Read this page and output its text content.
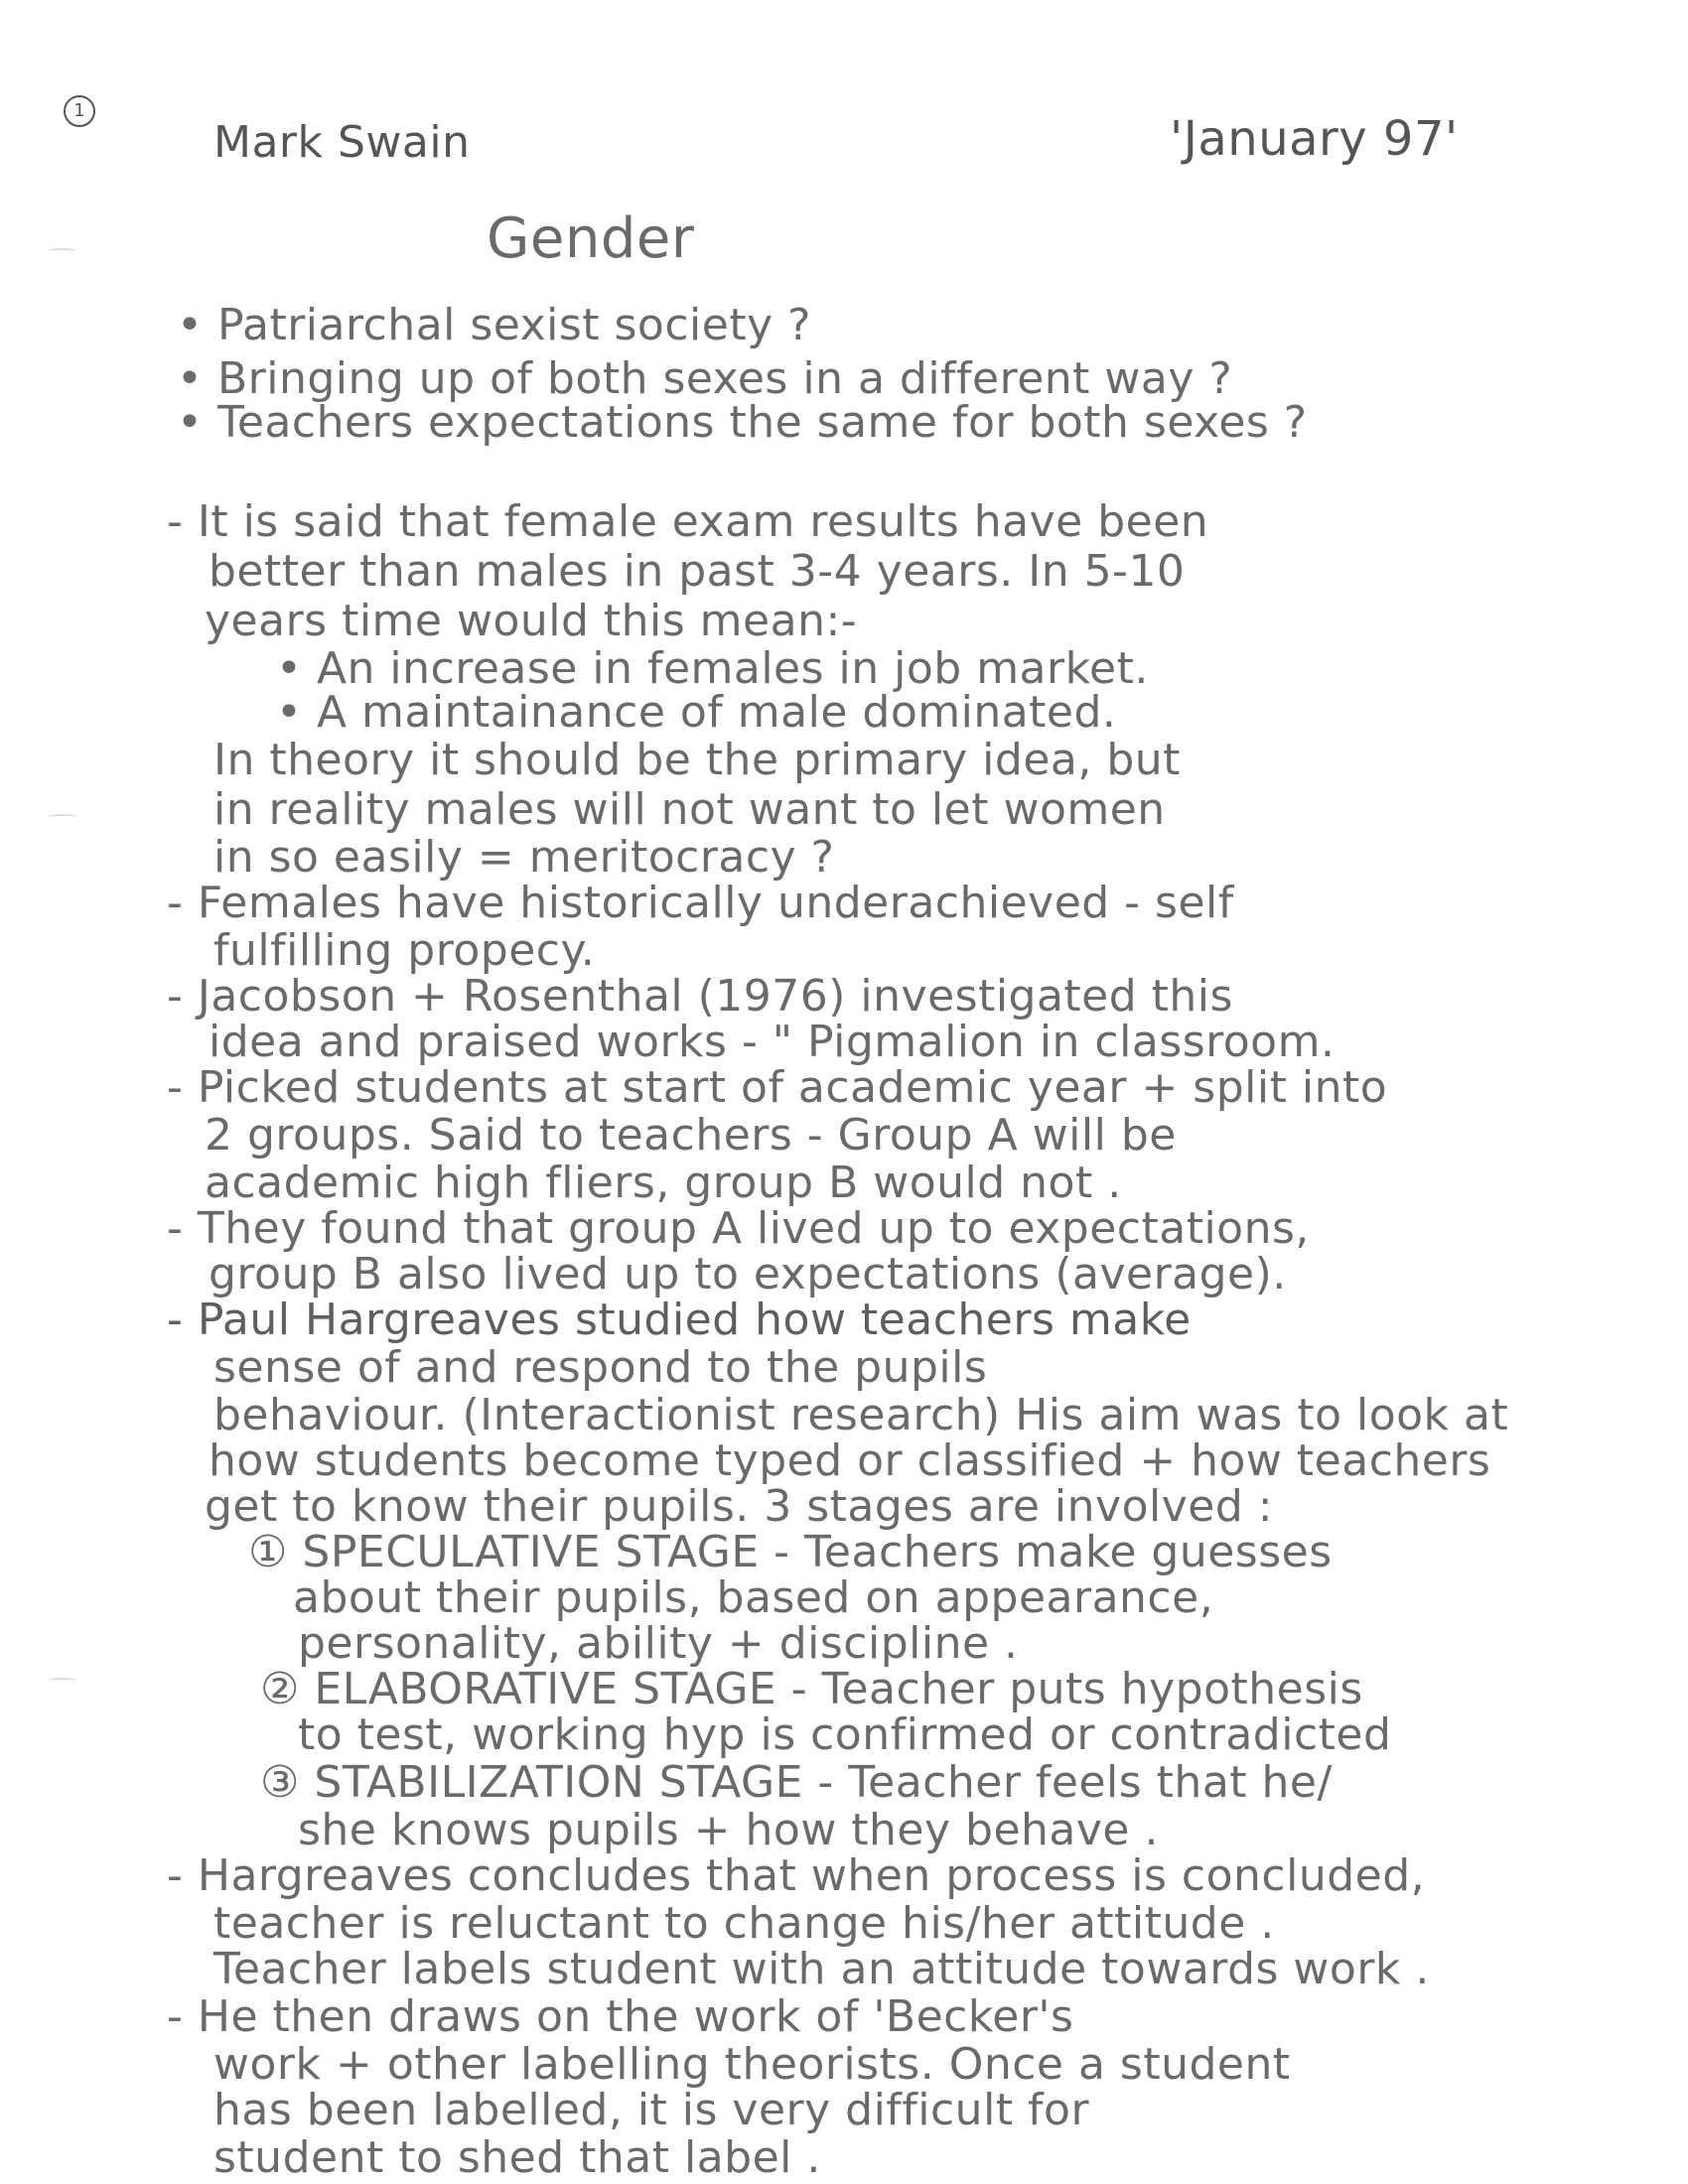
1
Mark Swain	'January 97'
Gender
• Patriarchal sexist society ?
• Bringing up of both sexes in a different way ?
• Teachers expectations the same for both sexes ?
- It is said that female exam results have been
better than males in past 3-4 years. In 5-10
years time would this mean:-
• An increase in females in job market.
• A maintainance of male dominated.
In theory it should be the primary idea, but
in reality males will not want to let women
in so easily = meritocracy ?
- Females have historically underachieved - self
fulfilling propecy.
- Jacobson + Rosenthal (1976) investigated this
idea and praised works - " Pigmalion in classroom.
- Picked students at start of academic year + split into
2 groups. Said to teachers - Group A will be
academic high fliers, group B would not .
- They found that group A lived up to expectations,
group B also lived up to expectations (average).
- Paul Hargreaves studied how teachers make
sense of and respond to the pupils
behaviour. (Interactionist research) His aim was to look at
how students become typed or classified + how teachers
get to know their pupils. 3 stages are involved :
① SPECULATIVE STAGE - Teachers make guesses
about their pupils, based on appearance,
personality, ability + discipline .
② ELABORATIVE STAGE - Teacher puts hypothesis
to test, working hyp is confirmed or contradicted
③ STABILIZATION STAGE - Teacher feels that he/
she knows pupils + how they behave .
- Hargreaves concludes that when process is concluded,
teacher is reluctant to change his/her attitude .
Teacher labels student with an attitude towards work .
- He then draws on the work of 'Becker's
work + other labelling theorists. Once a student
has been labelled, it is very difficult for
student to shed that label .
